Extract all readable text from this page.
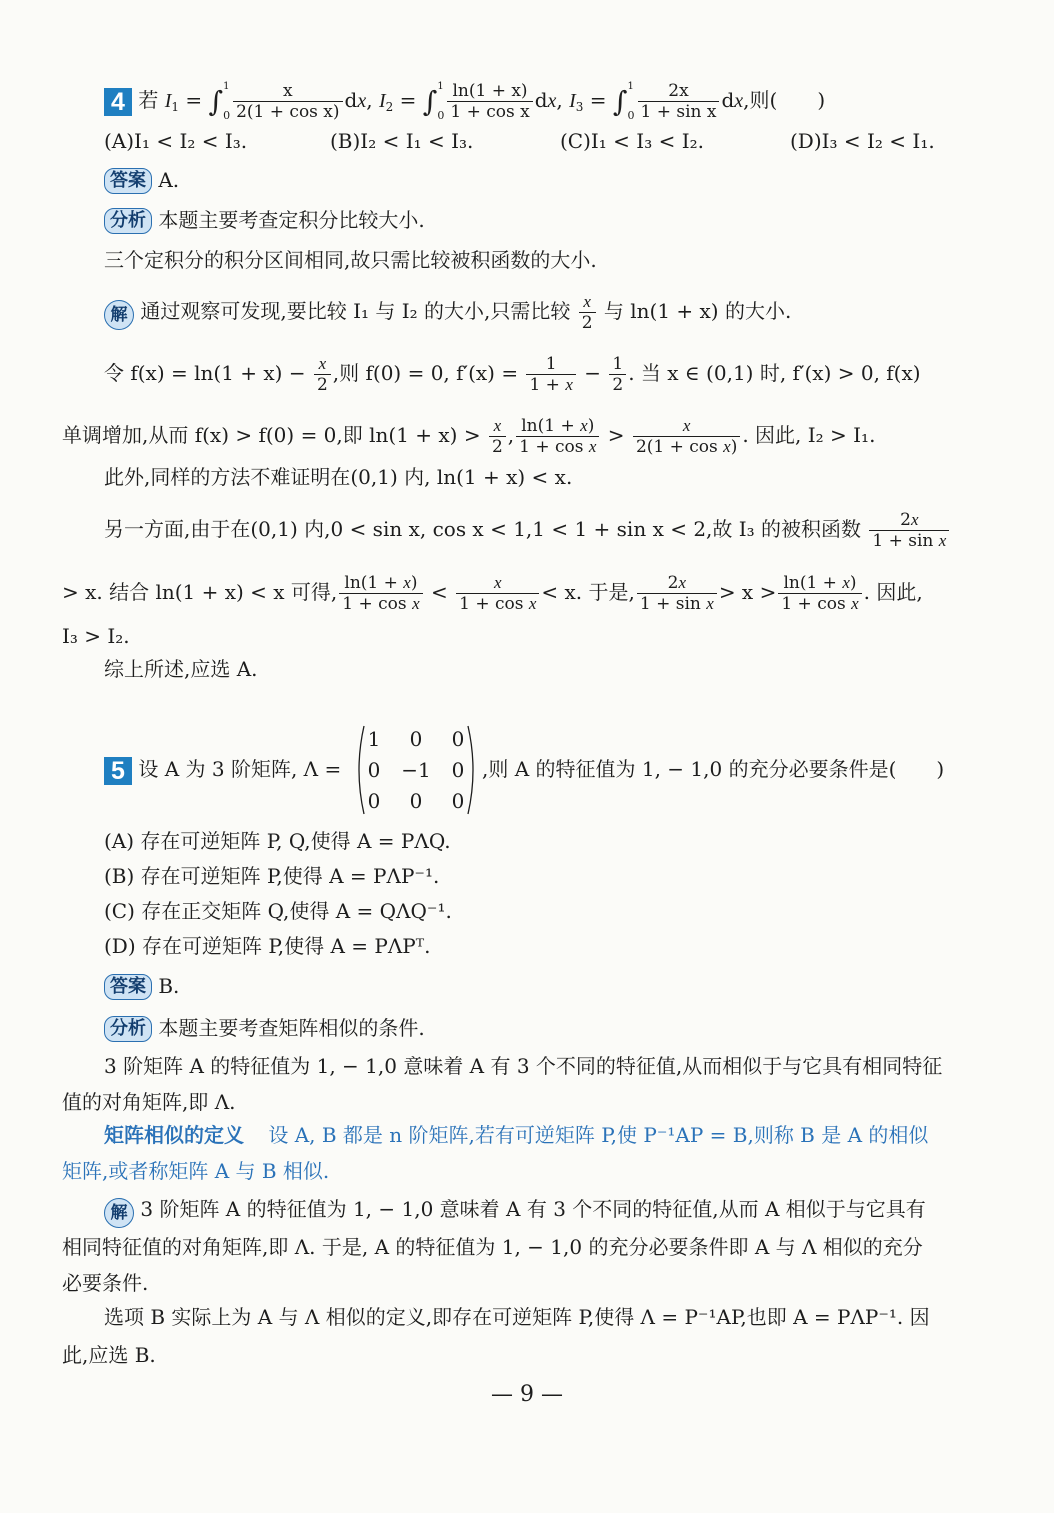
4 若 $I_1 = \int^1$
$0 \frac{x}{\text{2(1 + cos x)}}$ dx, $I_2 = \int^1$
$0 \frac{\ln(1 + x)}{\text{1 + cos x}}$ dx, $I_3 = \int^1$
$0 \frac{2x}{\text{1 + sin x}}$ dx,则(　　)
(A)I₁ < I₂ < I₃.	(B)I₂ < I₁ < I₃.	(C)I₁ < I₃ < I₂.	(D)I₃ < I₂ < I₁.
答案 A.
分析 本题主要考查定积分比较大小.
三个定积分的积分区间相同,故只需比较被积函数的大小.
解 通过观察可发现,要比较 I₁ 与 I₂ 的大小,只需比较 $\frac{x}{2}$ 与 ln(1 + x) 的大小.
令 $f(x) = \ln(1 + x) - \frac{x}{2}$ ,则 f(0) = 0, $f'(x) = \frac{1}{1 + x} - \frac{1}{2}$ . 当 x ∈ (0,1) 时, f′(x) > 0, f(x)
单调增加,从而 f(x) > f(0) = 0,即 $\ln(1 + x) > \frac{x}{2}$ , $\frac{\ln(1 + x)}{\text{1 + cos x}} > \frac{x}{\text{2(1 + cos x)}}$ . 因此, I₂ > I₁.
此外,同样的方法不难证明在(0,1) 内, ln(1 + x) < x.
另一方面,由于在(0,1) 内,0 < sin x, cos x < 1,1 < 1 + sin x < 2,故 I₃ 的被积函数 $\frac{2x}{\text{1 + sin x}}$
> x. 结合 ln(1 + x) < x 可得, $\frac{\ln(1 + x)}{\text{1 + cos x}} < \frac{x}{\text{1 + cos x}} < x$. 于是, $\frac{2x}{\text{1 + sin x}} > x > \frac{\ln(1 + x)}{\text{1 + cos x}}$ . 因此,
I₃ > I₂.
综上所述,应选 A.
5 设 A 为 3 阶矩阵, Λ =
1	0	0
0	−1	0
0	0	0
,则 A 的特征值为 1, − 1,0 的充分必要条件是(　　)
(A) 存在可逆矩阵 P, Q,使得 A = PΛQ.
(B) 存在可逆矩阵 P,使得 A = PΛP⁻¹.
(C) 存在正交矩阵 Q,使得 A = QΛQ⁻¹.
(D) 存在可逆矩阵 P,使得 A = PΛPᵀ.
答案 B.
分析 本题主要考查矩阵相似的条件.
3 阶矩阵 A 的特征值为 1, − 1,0 意味着 A 有 3 个不同的特征值,从而相似于与它具有相同特征
值的对角矩阵,即 Λ.
矩阵相似的定义 设 A, B 都是 n 阶矩阵,若有可逆矩阵 P,使 P⁻¹AP = B,则称 B 是 A 的相似
矩阵,或者称矩阵 A 与 B 相似.
解 3 阶矩阵 A 的特征值为 1, − 1,0 意味着 A 有 3 个不同的特征值,从而 A 相似于与它具有
相同特征值的对角矩阵,即 Λ. 于是, A 的特征值为 1, − 1,0 的充分必要条件即 A 与 Λ 相似的充分
必要条件.
选项 B 实际上为 A 与 Λ 相似的定义,即存在可逆矩阵 P,使得 Λ = P⁻¹AP,也即 A = PΛP⁻¹. 因
此,应选 B.
— 9 —
